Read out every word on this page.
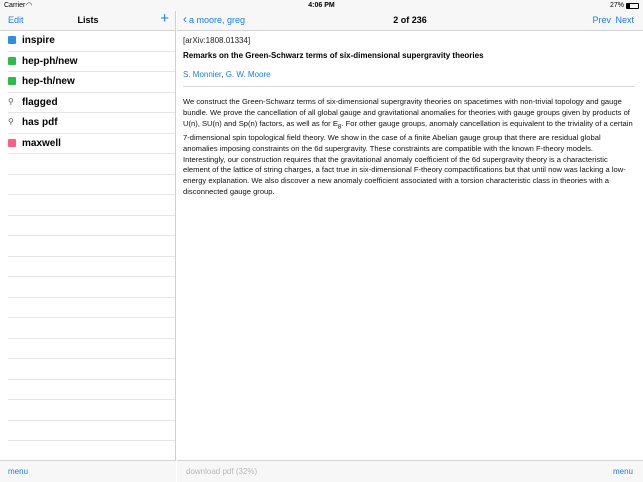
Carrier ◠	4:06 PM	27%
Edit	Lists	+
inspire
hep-ph/new
hep-th/new
⚲ flagged
⚲ has pdf
maxwell
menu
‹ a moore, greg	2 of 236	Prev Next
[arXiv:1808.01334]
Remarks on the Green-Schwarz terms of six-dimensional supergravity theories
S. Monnier, G. W. Moore
We construct the Green-Schwarz terms of six-dimensional supergravity theories on spacetimes with non-trivial topology and gauge bundle. We prove the cancellation of all global gauge and gravitational anomalies for theories with gauge groups given by products of U(n), SU(n) and Sp(n) factors, as well as for $E_8$. For other gauge groups, anomaly cancellation is equivalent to the triviality of a certain 7-dimensional spin topological field theory. We show in the case of a finite Abelian gauge group that there are residual global anomalies imposing constraints on the 6d supergravity. These constraints are compatible with the known F-theory models. Interestingly, our construction requires that the gravitational anomaly coefficient of the 6d supergravity theory is a characteristic element of the lattice of string charges, a fact true in six-dimensional F-theory compactifications but that until now was lacking a low-energy explanation. We also discover a new anomaly coefficient associated with a torsion characteristic class in theories with a disconnected gauge group.
download pdf (32%)	menu
